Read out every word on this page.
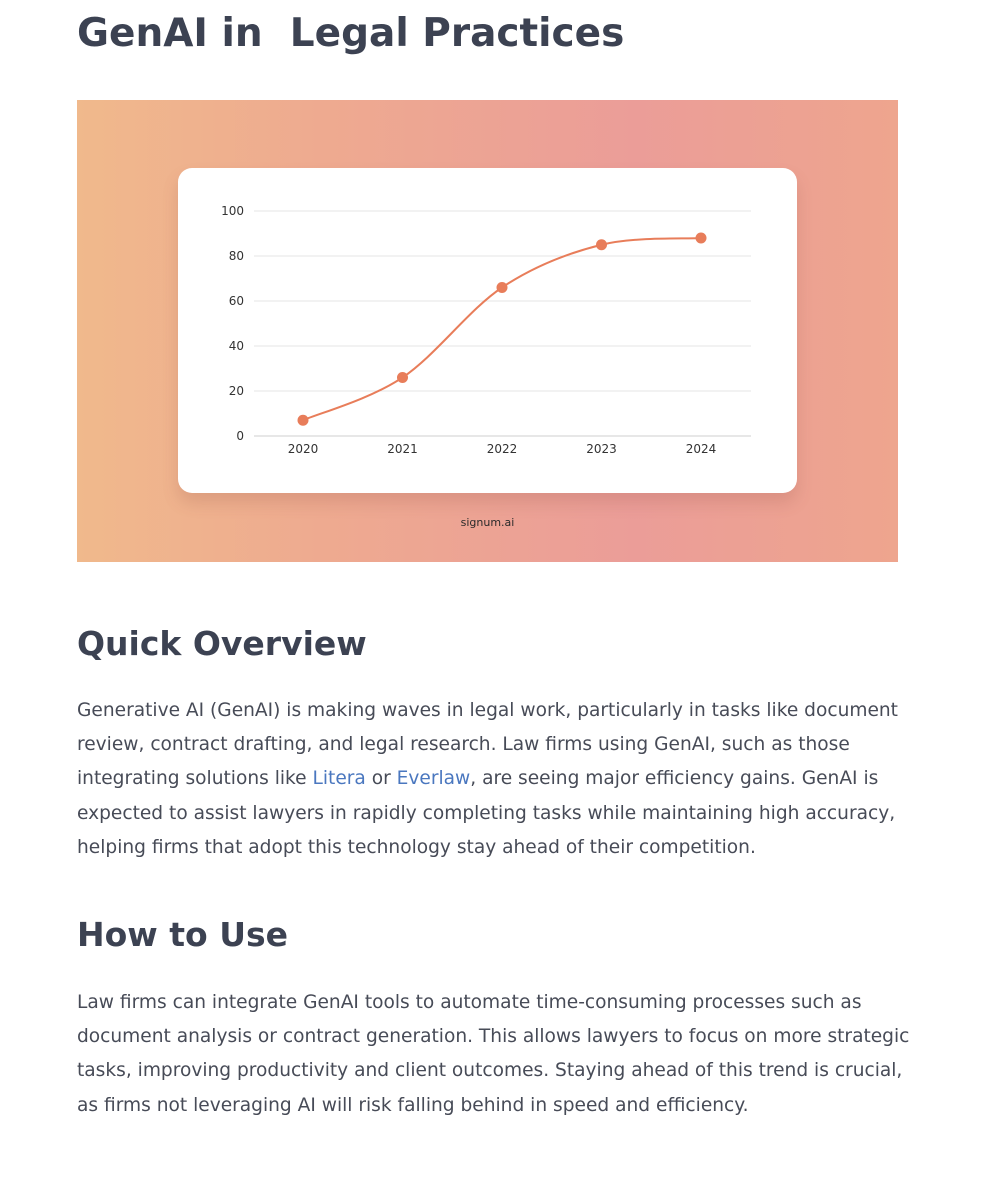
GenAI in  Legal Practices
0
20
40
60
80
100
2020	2021	2022	2023	2024
signum.ai
Quick Overview

Generative AI (GenAI) is making waves in legal work, particularly in tasks like document review, contract drafting, and legal research. Law firms using GenAI, such as those integrating solutions like Litera or Everlaw, are seeing major efficiency gains. GenAI is expected to assist lawyers in rapidly completing tasks while maintaining high accuracy, helping firms that adopt this technology stay ahead of their competition.

How to Use

Law firms can integrate GenAI tools to automate time-consuming processes such as document analysis or contract generation. This allows lawyers to focus on more strategic tasks, improving productivity and client outcomes. Staying ahead of this trend is crucial, as firms not leveraging AI will risk falling behind in speed and efficiency.
